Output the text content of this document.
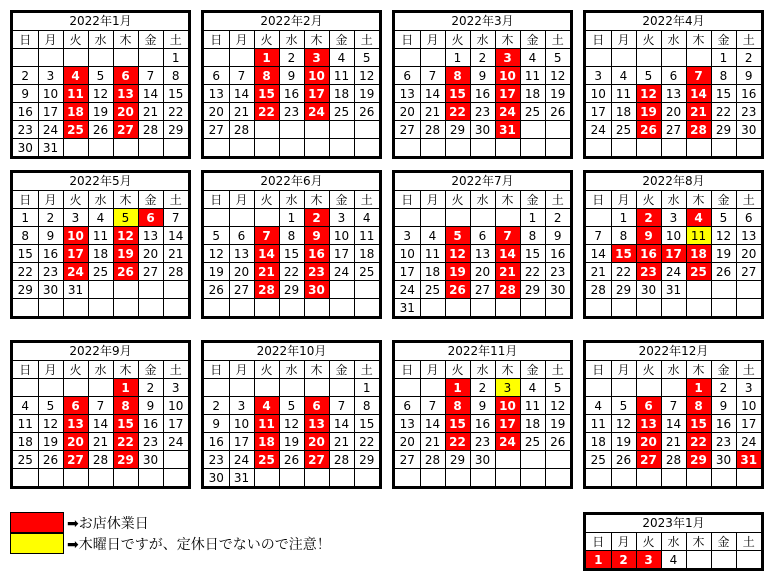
2022年1月
日	月	火	水	木	金	土
						1
2	3	4	5	6	7	8
9	10	11	12	13	14	15
16	17	18	19	20	21	22
23	24	25	26	27	28	29
30	31					
2022年2月
日	月	火	水	木	金	土
		1	2	3	4	5
6	7	8	9	10	11	12
13	14	15	16	17	18	19
20	21	22	23	24	25	26
27	28					

2022年3月
日	月	火	水	木	金	土
		1	2	3	4	5
6	7	8	9	10	11	12
13	14	15	16	17	18	19
20	21	22	23	24	25	26
27	28	29	30	31		

2022年4月
日	月	火	水	木	金	土
					1	2
3	4	5	6	7	8	9
10	11	12	13	14	15	16
17	18	19	20	21	22	23
24	25	26	27	28	29	30

2022年5月
日	月	火	水	木	金	土
1	2	3	4	5	6	7
8	9	10	11	12	13	14
15	16	17	18	19	20	21
22	23	24	25	26	27	28
29	30	31				

2022年6月
日	月	火	水	木	金	土
			1	2	3	4
5	6	7	8	9	10	11
12	13	14	15	16	17	18
19	20	21	22	23	24	25
26	27	28	29	30		

2022年7月
日	月	火	水	木	金	土
					1	2
3	4	5	6	7	8	9
10	11	12	13	14	15	16
17	18	19	20	21	22	23
24	25	26	27	28	29	30
31						
2022年8月
日	月	火	水	木	金	土
	1	2	3	4	5	6
7	8	9	10	11	12	13
14	15	16	17	18	19	20
21	22	23	24	25	26	27
28	29	30	31			

2022年9月
日	月	火	水	木	金	土
				1	2	3
4	5	6	7	8	9	10
11	12	13	14	15	16	17
18	19	20	21	22	23	24
25	26	27	28	29	30	

2022年10月
日	月	火	水	木	金	土
						1
2	3	4	5	6	7	8
9	10	11	12	13	14	15
16	17	18	19	20	21	22
23	24	25	26	27	28	29
30	31					
2022年11月
日	月	火	水	木	金	土
		1	2	3	4	5
6	7	8	9	10	11	12
13	14	15	16	17	18	19
20	21	22	23	24	25	26
27	28	29	30			

2022年12月
日	月	火	水	木	金	土
				1	2	3
4	5	6	7	8	9	10
11	12	13	14	15	16	17
18	19	20	21	22	23	24
25	26	27	28	29	30	31

2023年1月
日	月	火	水	木	金	土
1	2	3	4			
➡お店休業日
➡木曜日ですが、定休日でないので注意！
